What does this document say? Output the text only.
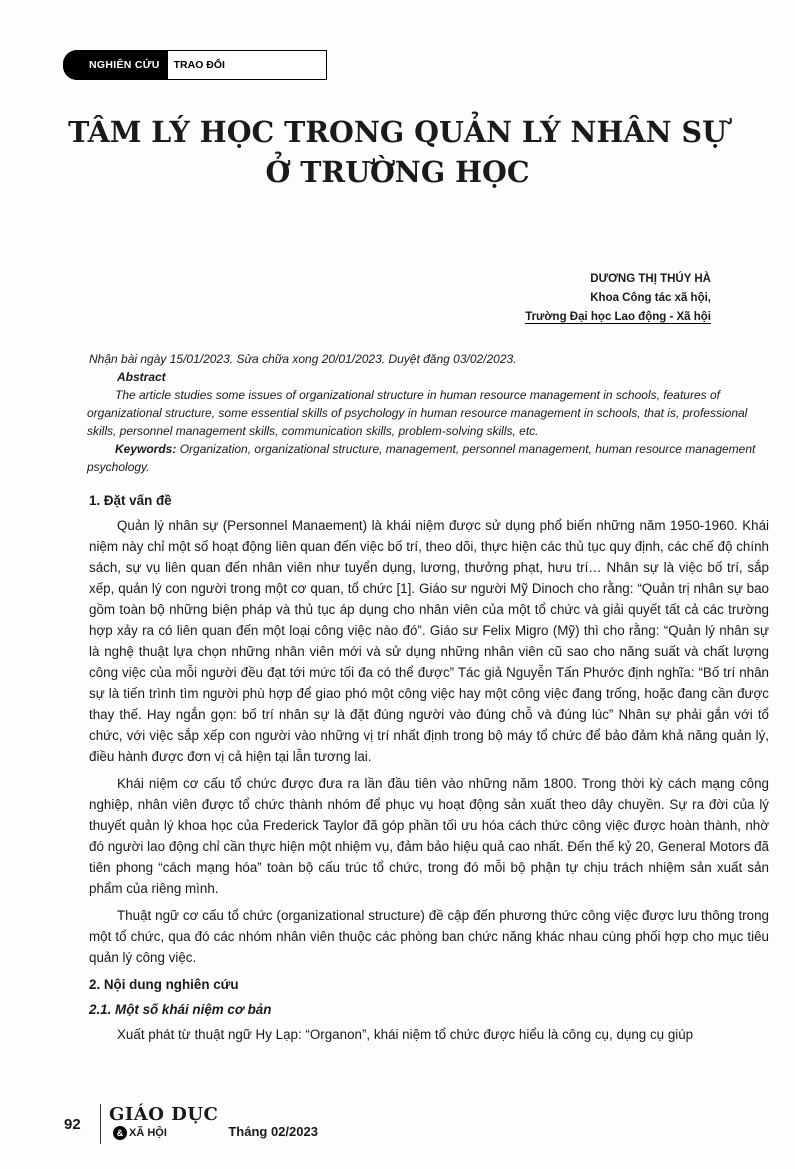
NGHIÊN CỨU	TRAO ĐỔI
TÂM LÝ HỌC TRONG QUẢN LÝ NHÂN SỰ
Ở TRƯỜNG HỌC
DƯƠNG THỊ THÚY HÀ
Khoa Công tác xã hội,
Trường Đại học Lao động - Xã hội

Nhận bài ngày 15/01/2023. Sửa chữa xong 20/01/2023. Duyệt đăng 03/02/2023.

Abstract

The article studies some issues of organizational structure in human resource management in schools, features of organizational structure, some essential skills of psychology in human resource management in schools, that is, professional skills, personnel management skills, communication skills, problem-solving skills, etc.

Keywords: Organization, organizational structure, management, personnel management, human resource management psychology.

1. Đặt vấn đề

Quản lý nhân sự (Personnel Manaement) là khái niệm được sử dụng phổ biến những năm 1950-1960. Khái niệm này chỉ một số hoạt động liên quan đến việc bố trí, theo dõi, thực hiện các thủ tục quy định, các chế độ chính sách, sự vụ liên quan đến nhân viên như tuyển dụng, lương, thưởng phạt, hưu trí… Nhân sự là việc bố trí, sắp xếp, quản lý con người trong một cơ quan, tổ chức [1]. Giáo sư người Mỹ Dinoch cho rằng: “Quản trị nhân sự bao gồm toàn bộ những biện pháp và thủ tục áp dụng cho nhân viên của một tổ chức và giải quyết tất cả các trường hợp xảy ra có liên quan đến một loại công việc nào đó”. Giáo sư Felix Migro (Mỹ) thì cho rằng: “Quản lý nhân sự là nghệ thuật lựa chọn những nhân viên mới và sử dụng những nhân viên cũ sao cho năng suất và chất lượng công việc của mỗi người đều đạt tới mức tối đa có thể được” Tác giả Nguyễn Tấn Phước định nghĩa: “Bố trí nhân sự là tiến trình tìm người phù hợp để giao phó một công việc hay một công việc đang trống, hoặc đang cần được thay thế. Hay ngắn gọn: bố trí nhân sự là đặt đúng người vào đúng chỗ và đúng lúc” Nhân sự phải gắn với tổ chức, với việc sắp xếp con người vào những vị trí nhất định trong bộ máy tổ chức để bảo đảm khả năng quản lý, điều hành được đơn vị cả hiện tại lẫn tương lai.

Khái niệm cơ cấu tổ chức được đưa ra lần đầu tiên vào những năm 1800. Trong thời kỳ cách mạng công nghiệp, nhân viên được tổ chức thành nhóm để phục vụ hoạt động sản xuất theo dây chuyền. Sự ra đời của lý thuyết quản lý khoa học của Frederick Taylor đã góp phần tối ưu hóa cách thức công việc được hoàn thành, nhờ đó người lao động chỉ cần thực hiện một nhiệm vụ, đảm bảo hiệu quả cao nhất. Đến thế kỷ 20, General Motors đã tiên phong “cách mạng hóa” toàn bộ cấu trúc tổ chức, trong đó mỗi bộ phận tự chịu trách nhiệm sản xuất sản phẩm của riêng mình.

Thuật ngữ cơ cấu tổ chức (organizational structure) đề cập đến phương thức công việc được lưu thông trong một tổ chức, qua đó các nhóm nhân viên thuộc các phòng ban chức năng khác nhau cùng phối hợp cho mục tiêu quản lý công việc.

2. Nội dung nghiên cứu
2.1. Một số khái niệm cơ bản

Xuất phát từ thuật ngữ Hy Lạp: “Organon”, khái niệm tổ chức được hiểu là công cụ, dụng cụ giúp

92	GIÁO DỤC
& XÃ HỘI	Tháng 02/2023
